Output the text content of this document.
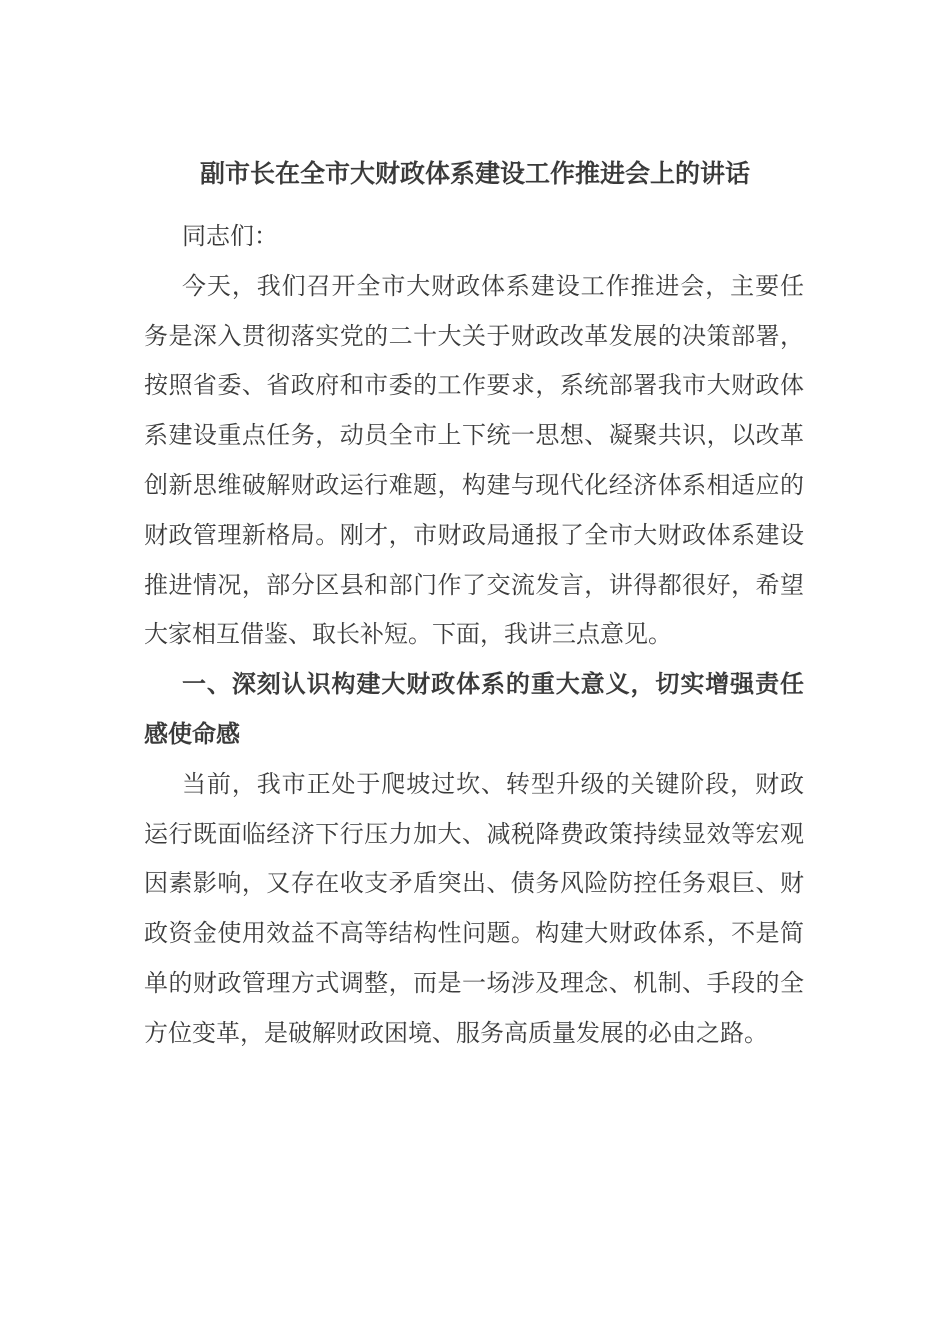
副市长在全市大财政体系建设工作推进会上的讲话

同志们：

今天，我们召开全市大财政体系建设工作推进会，主要任务是深入贯彻落实党的二十大关于财政改革发展的决策部署，按照省委、省政府和市委的工作要求，系统部署我市大财政体系建设重点任务，动员全市上下统一思想、凝聚共识，以改革创新思维破解财政运行难题，构建与现代化经济体系相适应的财政管理新格局。刚才，市财政局通报了全市大财政体系建设推进情况，部分区县和部门作了交流发言，讲得都很好，希望大家相互借鉴、取长补短。下面，我讲三点意见。

一、深刻认识构建大财政体系的重大意义，切实增强责任感使命感

当前，我市正处于爬坡过坎、转型升级的关键阶段，财政运行既面临经济下行压力加大、减税降费政策持续显效等宏观因素影响，又存在收支矛盾突出、债务风险防控任务艰巨、财政资金使用效益不高等结构性问题。构建大财政体系，不是简单的财政管理方式调整，而是一场涉及理念、机制、手段的全方位变革，是破解财政困境、服务高质量发展的必由之路。
